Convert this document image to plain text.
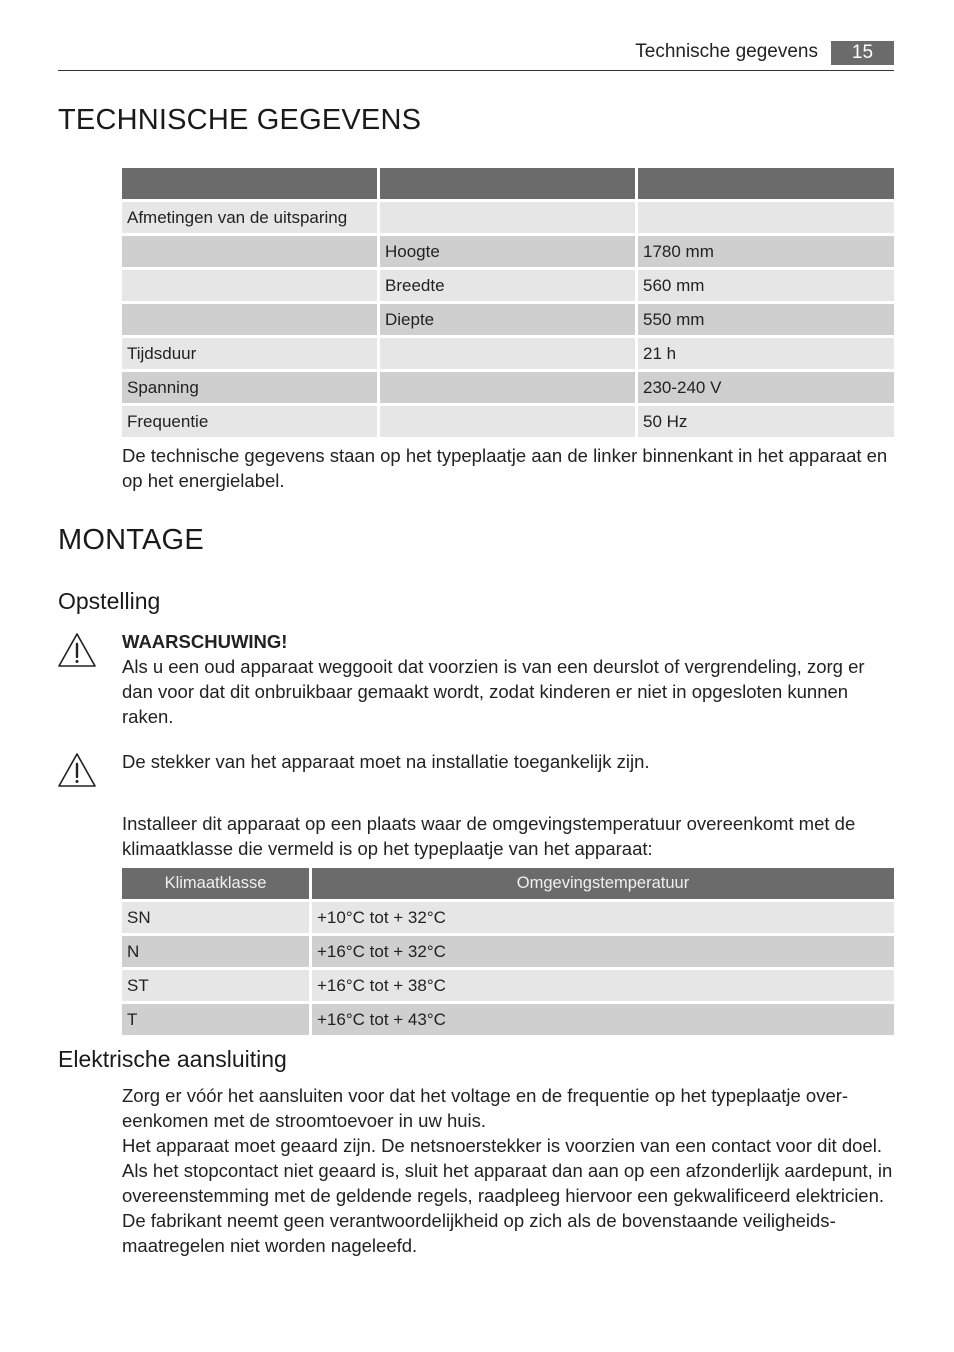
Technische gegevens	15
TECHNISCHE GEGEVENS

Afmetingen van de uitsparing		
	Hoogte	1780 mm
	Breedte	560 mm
	Diepte	550 mm
Tijdsduur		21 h
Spanning		230-240 V
Frequentie		50 Hz

De technische gegevens staan op het typeplaatje aan de linker binnenkant in het apparaat en op het energielabel.

MONTAGE
Opstelling

WAARSCHUWING!

Als u een oud apparaat weggooit dat voorzien is van een deurslot of vergrendeling, zorg er dan voor dat dit onbruikbaar gemaakt wordt, zodat kinderen er niet in opgesloten kunnen raken.

De stekker van het apparaat moet na installatie toegankelijk zijn.

Installeer dit apparaat op een plaats waar de omgevingstemperatuur overeenkomt met de klimaatklasse die vermeld is op het typeplaatje van het apparaat:

Klimaatklasse	Omgevingstemperatuur
SN	+10°C tot + 32°C
N	+16°C tot + 32°C
ST	+16°C tot + 38°C
T	+16°C tot + 43°C
Elektrische aansluiting

Zorg er vóór het aansluiten voor dat het voltage en de frequentie op het typeplaatje overeenkomen met de stroomtoevoer in uw huis.

Het apparaat moet geaard zijn. De netsnoerstekker is voorzien van een contact voor dit doel. Als het stopcontact niet geaard is, sluit het apparaat dan aan op een afzonderlijk aardepunt, in overeenstemming met de geldende regels, raadpleeg hiervoor een gekwalificeerd elektricien.

De fabrikant neemt geen verantwoordelijkheid op zich als de bovenstaande veiligheidsmaatregelen niet worden nageleefd.
